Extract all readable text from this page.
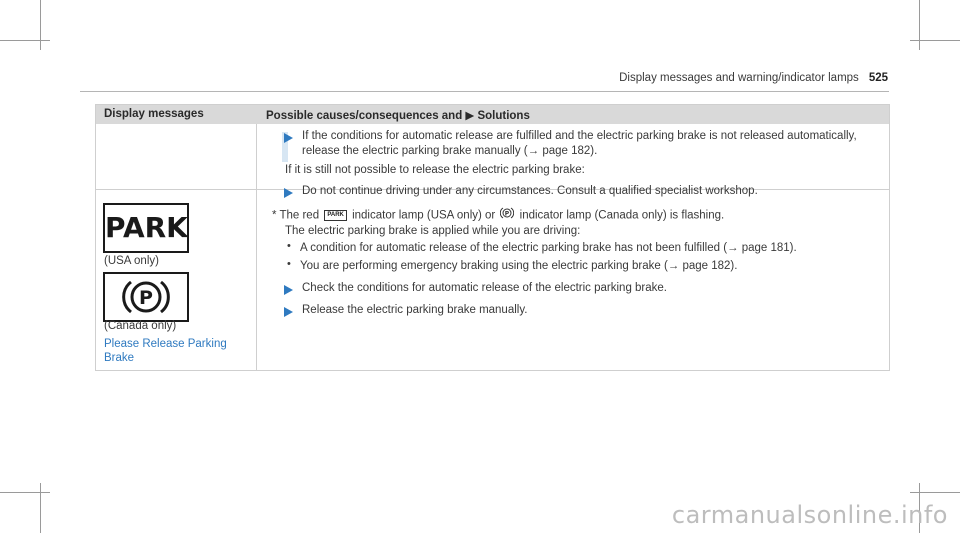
Display messages and warning/indicator lamps 525
Display messages	Possible causes/consequences and ▶ Solutions
If the conditions for automatic release are fulfilled and the electric parking brake is not released automatically,
release the electric parking brake manually (→ page 182).
If it is still not possible to release the electric parking brake:
Do not continue driving under any circumstances. Consult a qualified specialist workshop.
PARK
(USA only)
P
(Canada only)
Please Release Parking
Brake
* The red PARK indicator lamp (USA only) or P indicator lamp (Canada only) is flashing.
The electric parking brake is applied while you are driving:
• A condition for automatic release of the electric parking brake has not been fulfilled (→ page 181).
• You are performing emergency braking using the electric parking brake (→ page 182).
Check the conditions for automatic release of the electric parking brake.
Release the electric parking brake manually.
carmanualsonline.info
